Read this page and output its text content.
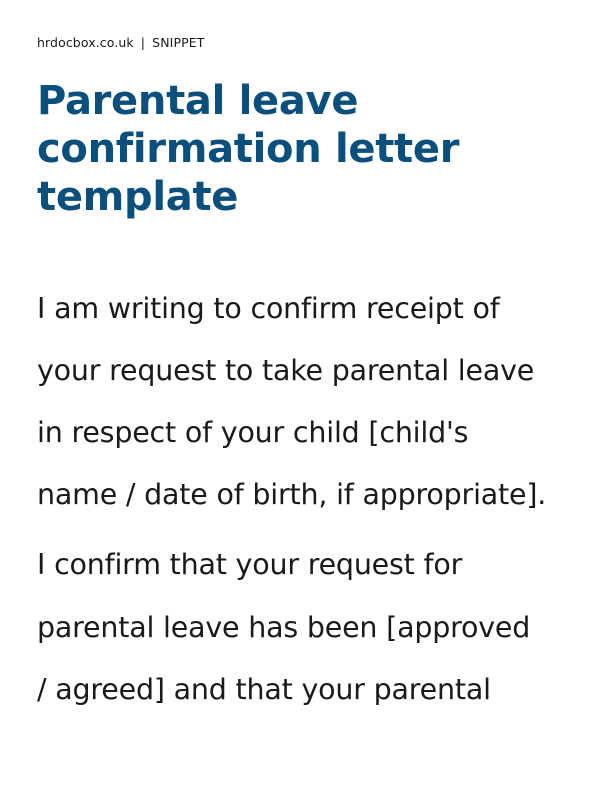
hrdocbox.co.uk | SNIPPET
Parental leave
confirmation letter
template
I am writing to confirm receipt of
your request to take parental leave
in respect of your child [child's
name / date of birth, if appropriate].
I confirm that your request for
parental leave has been [approved
/ agreed] and that your parental
